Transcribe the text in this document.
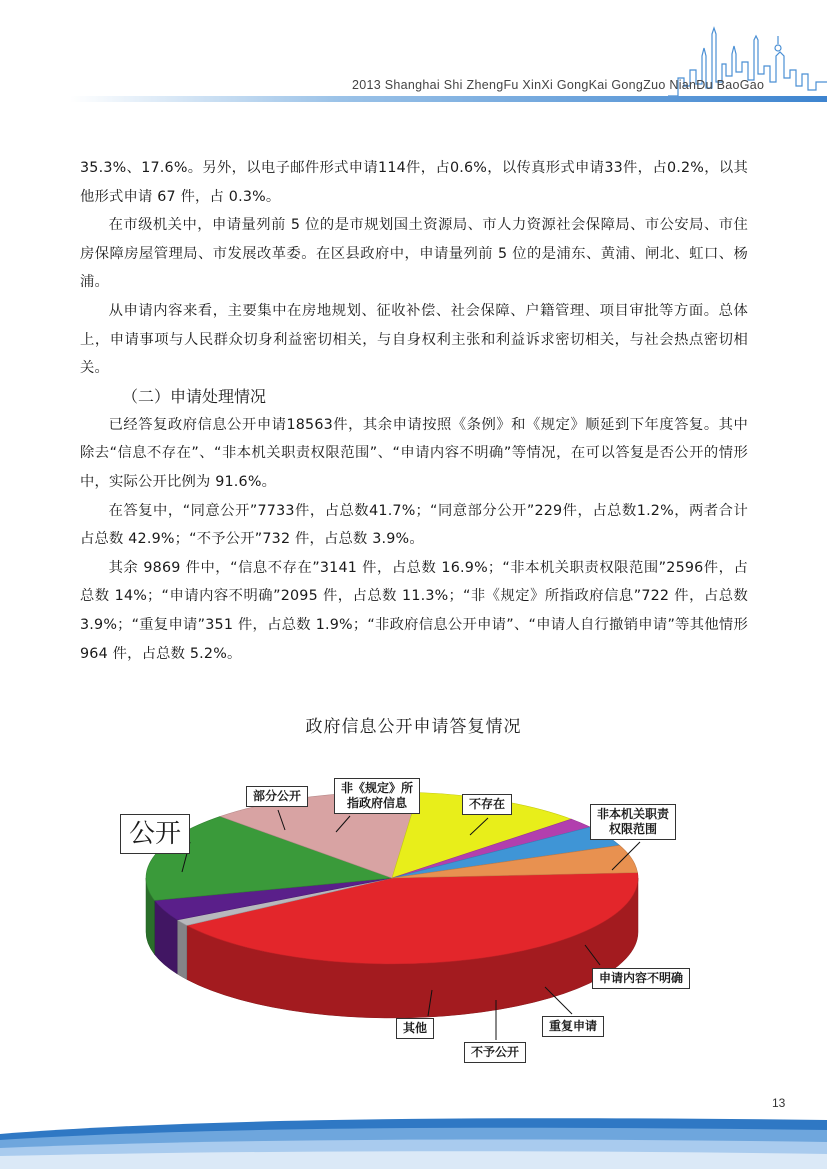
2013 Shanghai Shi ZhengFu XinXi GongKai GongZuo NianDu BaoGao

35.3%、17.6%。另外，以电子邮件形式申请114件，占0.6%，以传真形式申请33件，占0.2%，以其他形式申请 67 件，占 0.3%。

在市级机关中，申请量列前 5 位的是市规划国土资源局、市人力资源社会保障局、市公安局、市住房保障房屋管理局、市发展改革委。在区县政府中，申请量列前 5 位的是浦东、黄浦、闸北、虹口、杨浦。

从申请内容来看，主要集中在房地规划、征收补偿、社会保障、户籍管理、项目审批等方面。总体上，申请事项与人民群众切身利益密切相关，与自身权利主张和利益诉求密切相关，与社会热点密切相关。

（二）申请处理情况

已经答复政府信息公开申请18563件，其余申请按照《条例》和《规定》顺延到下年度答复。其中除去“信息不存在”、“非本机关职责权限范围”、“申请内容不明确”等情况，在可以答复是否公开的情形中，实际公开比例为 91.6%。

在答复中，“同意公开”7733件，占总数41.7%；“同意部分公开”229件，占总数1.2%，两者合计占总数 42.9%；“不予公开”732 件，占总数 3.9%。

其余 9869 件中，“信息不存在”3141 件，占总数 16.9%；“非本机关职责权限范围”2596件，占总数 14%；“申请内容不明确”2095 件，占总数 11.3%；“非《规定》所指政府信息”722 件，占总数 3.9%；“重复申请”351 件，占总数 1.9%；“非政府信息公开申请”、“申请人自行撤销申请”等其他情形 964 件，占总数 5.2%。

政府信息公开申请答复情况
公开
部分公开
非《规定》所
指政府信息	不存在
非本机关职责
权限范围
申请内容不明确
重复申请
不予公开
其他
13
